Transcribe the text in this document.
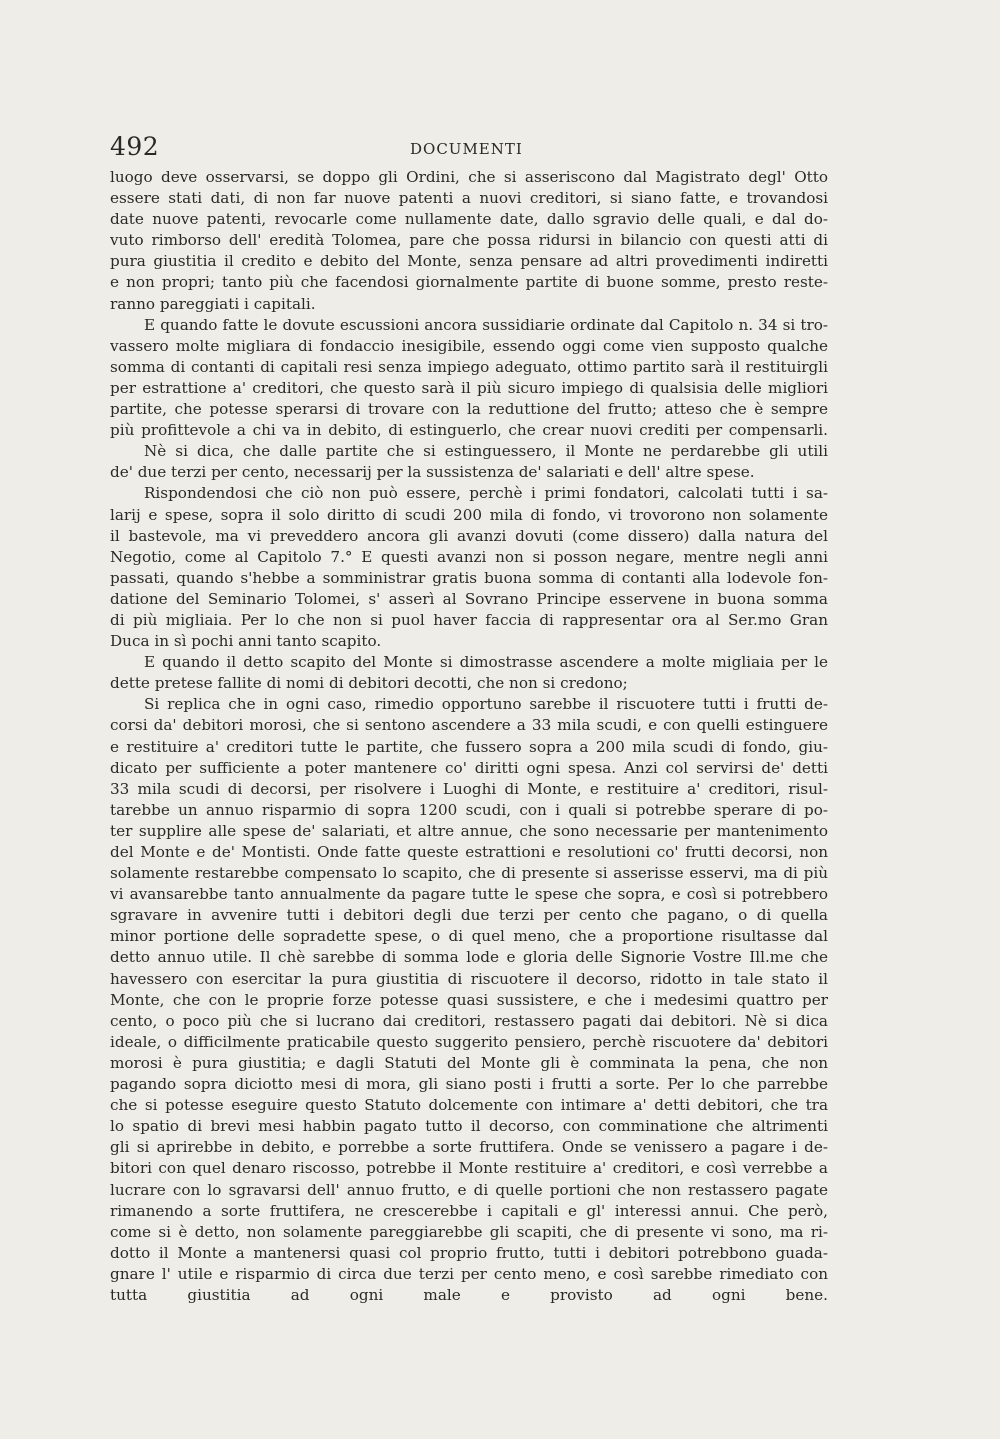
492	DOCUMENTI
luogo deve osservarsi, se doppo gli Ordini, che si asseriscono dal Magistrato degl' Otto
essere stati dati, di non far nuove patenti a nuovi creditori, si siano fatte, e trovandosi
date nuove patenti, revocarle come nullamente date, dallo sgravio delle quali, e dal do-
vuto rimborso dell' eredità Tolomea, pare che possa ridursi in bilancio con questi atti di
pura giustitia il credito e debito del Monte, senza pensare ad altri provedimenti indiretti
e non propri; tanto più che facendosi giornalmente partite di buone somme, presto reste-
ranno pareggiati i capitali.
E quando fatte le dovute escussioni ancora sussidiarie ordinate dal Capitolo n. 34 si tro-
vassero molte migliara di fondaccio inesigibile, essendo oggi come vien supposto qualche
somma di contanti di capitali resi senza impiego adeguato, ottimo partito sarà il restituirgli
per estrattione a' creditori, che questo sarà il più sicuro impiego di qualsisia delle migliori
partite, che potesse sperarsi di trovare con la reduttione del frutto; atteso che è sempre
più profittevole a chi va in debito, di estinguerlo, che crear nuovi crediti per compensarli.
Nè si dica, che dalle partite che si estinguessero, il Monte ne perdarebbe gli utili
de' due terzi per cento, necessarij per la sussistenza de' salariati e dell' altre spese.
Rispondendosi che ciò non può essere, perchè i primi fondatori, calcolati tutti i sa-
larij e spese, sopra il solo diritto di scudi 200 mila di fondo, vi trovorono non solamente
il bastevole, ma vi preveddero ancora gli avanzi dovuti (come dissero) dalla natura del
Negotio, come al Capitolo 7.° E questi avanzi non si posson negare, mentre negli anni
passati, quando s'hebbe a somministrar gratis buona somma di contanti alla lodevole fon-
datione del Seminario Tolomei, s' asserì al Sovrano Principe esservene in buona somma
di più migliaia. Per lo che non si puol haver faccia di rappresentar ora al Ser.mo Gran
Duca in sì pochi anni tanto scapito.
E quando il detto scapito del Monte si dimostrasse ascendere a molte migliaia per le
dette pretese fallite di nomi di debitori decotti, che non si credono;
Si replica che in ogni caso, rimedio opportuno sarebbe il riscuotere tutti i frutti de-
corsi da' debitori morosi, che si sentono ascendere a 33 mila scudi, e con quelli estinguere
e restituire a' creditori tutte le partite, che fussero sopra a 200 mila scudi di fondo, giu-
dicato per sufficiente a poter mantenere co' diritti ogni spesa. Anzi col servirsi de' detti
33 mila scudi di decorsi, per risolvere i Luoghi di Monte, e restituire a' creditori, risul-
tarebbe un annuo risparmio di sopra 1200 scudi, con i quali si potrebbe sperare di po-
ter supplire alle spese de' salariati, et altre annue, che sono necessarie per mantenimento
del Monte e de' Montisti. Onde fatte queste estrattioni e resolutioni co' frutti decorsi, non
solamente restarebbe compensato lo scapito, che di presente si asserisse esservi, ma di più
vi avansarebbe tanto annualmente da pagare tutte le spese che sopra, e così si potrebbero
sgravare in avvenire tutti i debitori degli due terzi per cento che pagano, o di quella
minor portione delle sopradette spese, o di quel meno, che a proportione risultasse dal
detto annuo utile. Il chè sarebbe di somma lode e gloria delle Signorie Vostre Ill.me che
havessero con esercitar la pura giustitia di riscuotere il decorso, ridotto in tale stato il
Monte, che con le proprie forze potesse quasi sussistere, e che i medesimi quattro per
cento, o poco più che si lucrano dai creditori, restassero pagati dai debitori. Nè si dica
ideale, o difficilmente praticabile questo suggerito pensiero, perchè riscuotere da' debitori
morosi è pura giustitia; e dagli Statuti del Monte gli è comminata la pena, che non
pagando sopra diciotto mesi di mora, gli siano posti i frutti a sorte. Per lo che parrebbe
che si potesse eseguire questo Statuto dolcemente con intimare a' detti debitori, che tra
lo spatio di brevi mesi habbin pagato tutto il decorso, con comminatione che altrimenti
gli si aprirebbe in debito, e porrebbe a sorte fruttifera. Onde se venissero a pagare i de-
bitori con quel denaro riscosso, potrebbe il Monte restituire a' creditori, e così verrebbe a
lucrare con lo sgravarsi dell' annuo frutto, e di quelle portioni che non restassero pagate
rimanendo a sorte fruttifera, ne crescerebbe i capitali e gl' interessi annui. Che però,
come si è detto, non solamente pareggiarebbe gli scapiti, che di presente vi sono, ma ri-
dotto il Monte a mantenersi quasi col proprio frutto, tutti i debitori potrebbono guada-
gnare l' utile e risparmio di circa due terzi per cento meno, e così sarebbe rimediato con
tutta giustitia ad ogni male e provisto ad ogni bene.
